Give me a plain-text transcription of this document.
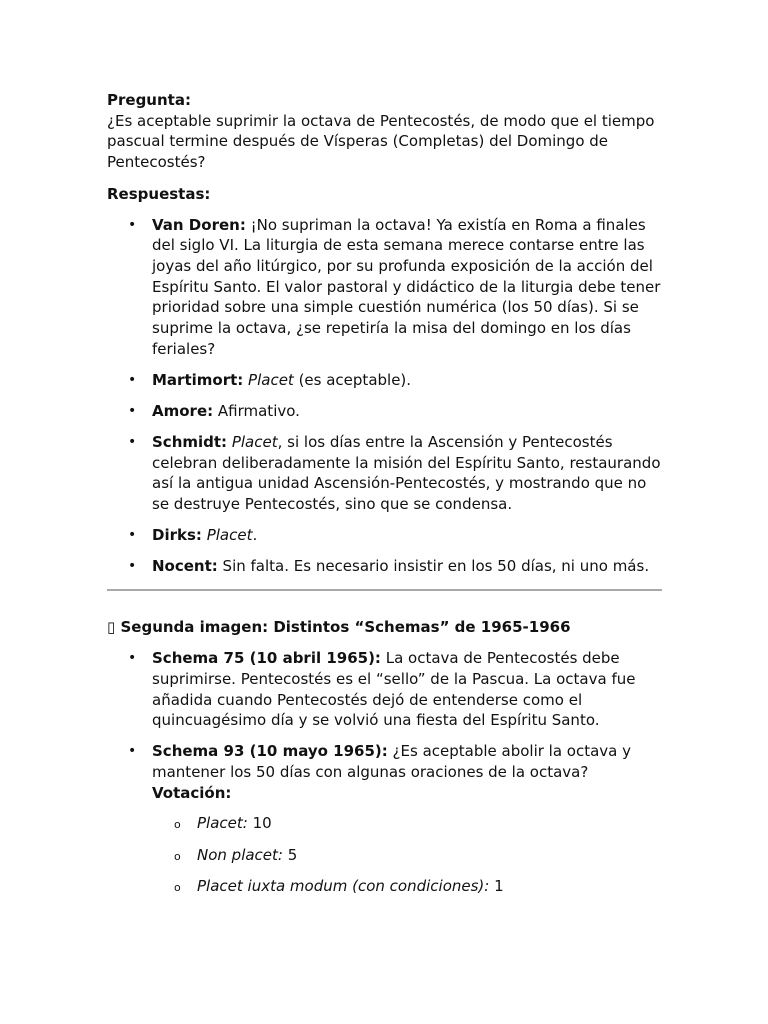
Pregunta:

¿Es aceptable suprimir la octava de Pentecostés, de modo que el tiempo pascual termine después de Vísperas (Completas) del Domingo de Pentecostés?

Respuestas:

• Van Doren: ¡No supriman la octava! Ya existía en Roma a finales del siglo VI. La liturgia de esta semana merece contarse entre las joyas del año litúrgico, por su profunda exposición de la acción del Espíritu Santo. El valor pastoral y didáctico de la liturgia debe tener prioridad sobre una simple cuestión numérica (los 50 días). Si se suprime la octava, ¿se repetiría la misa del domingo en los días feriales?
• Martimort: Placet (es aceptable).
• Amore: Afirmativo.
• Schmidt: Placet, si los días entre la Ascensión y Pentecostés celebran deliberadamente la misión del Espíritu Santo, restaurando así la antigua unidad Ascensión-Pentecostés, y mostrando que no se destruye Pentecostés, sino que se condensa.
• Dirks: Placet.
• Nocent: Sin falta. Es necesario insistir en los 50 días, ni uno más.

▯ Segunda imagen: Distintos “Schemas” de 1965-1966

• Schema 75 (10 abril 1965): La octava de Pentecostés debe suprimirse. Pentecostés es el “sello” de la Pascua. La octava fue añadida cuando Pentecostés dejó de entenderse como el quincuagésimo día y se volvió una fiesta del Espíritu Santo.
• Schema 93 (10 mayo 1965): ¿Es aceptable abolir la octava y mantener los 50 días con algunas oraciones de la octava?
Votación:
o Placet: 10
o Non placet: 5
o Placet iuxta modum (con condiciones): 1
